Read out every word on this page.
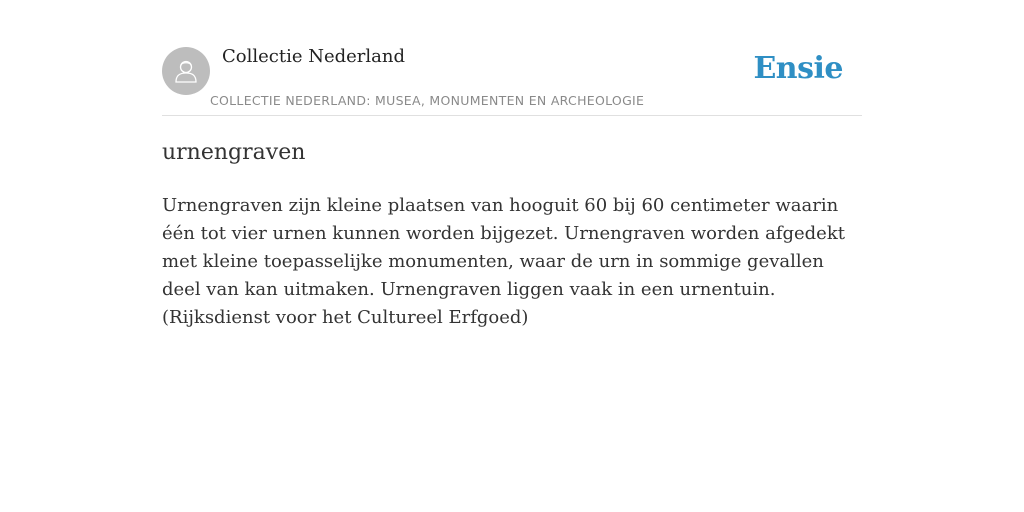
Collectie Nederland
COLLECTIE NEDERLAND: MUSEA, MONUMENTEN EN ARCHEOLOGIE
Ensie
urnengraven

Urnengraven zijn kleine plaatsen van hooguit 60 bij 60 centimeter waarin één tot vier urnen kunnen worden bijgezet. Urnengraven worden afgedekt met kleine toepasselijke monumenten, waar de urn in sommige gevallen deel van kan uitmaken. Urnengraven liggen vaak in een urnentuin. (Rijksdienst voor het Cultureel Erfgoed)
